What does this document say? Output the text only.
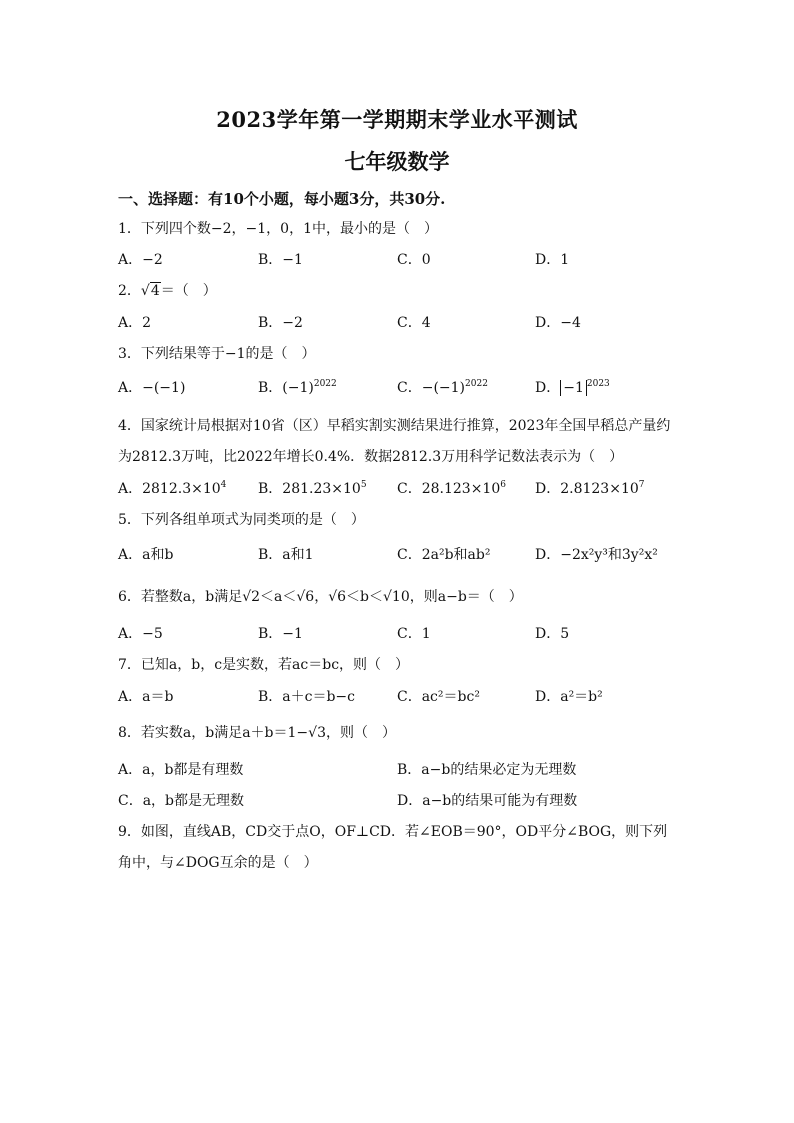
2023学年第一学期期末学业水平测试
七年级数学
一、选择题：有10个小题，每小题3分，共30分.
1．下列四个数−2，−1，0，1中，最小的是（　）
A．−2	B．−1	C．0	D．1
2．√4＝（　）
A．2	B．−2	C．4	D．−4
3．下列结果等于−1的是（　）
A．−(−1)	B．$(-1)^{2022}$	C．$-(-1)^{2022}$	D． −1 $^{2023}$
4．国家统计局根据对10省（区）早稻实割实测结果进行推算，2023年全国早稻总产量约
为2812.3万吨，比2022年增长0.4%．数据2812.3万用科学记数法表示为（　）
A．$2812.3\times 10^4$ B．$281.23\times 10^5$ C．$28.123\times 10^6$ D．$2.8123\times 10^7$
5．下列各组单项式为同类项的是（　）
A．a和b	B．a和1	C．2a²b和ab²	D．−2x²y³和3y²x²
6．若整数a，b满足√2＜a＜√6，√6＜b＜√10，则a−b＝（　）
A．−5	B．−1	C．1	D．5
7．已知a，b，c是实数，若ac＝bc，则（　）
A．a＝b	B．a＋c＝b−c	C．ac²＝bc²	D．a²＝b²
8．若实数a，b满足a＋b＝1−√3，则（　）
A．a，b都是有理数	B．a−b的结果必定为无理数
C．a，b都是无理数	D．a−b的结果可能为有理数
9．如图，直线AB，CD交于点O，OF⊥CD．若∠EOB＝90°，OD平分∠BOG，则下列
角中，与∠DOG互余的是（　）
